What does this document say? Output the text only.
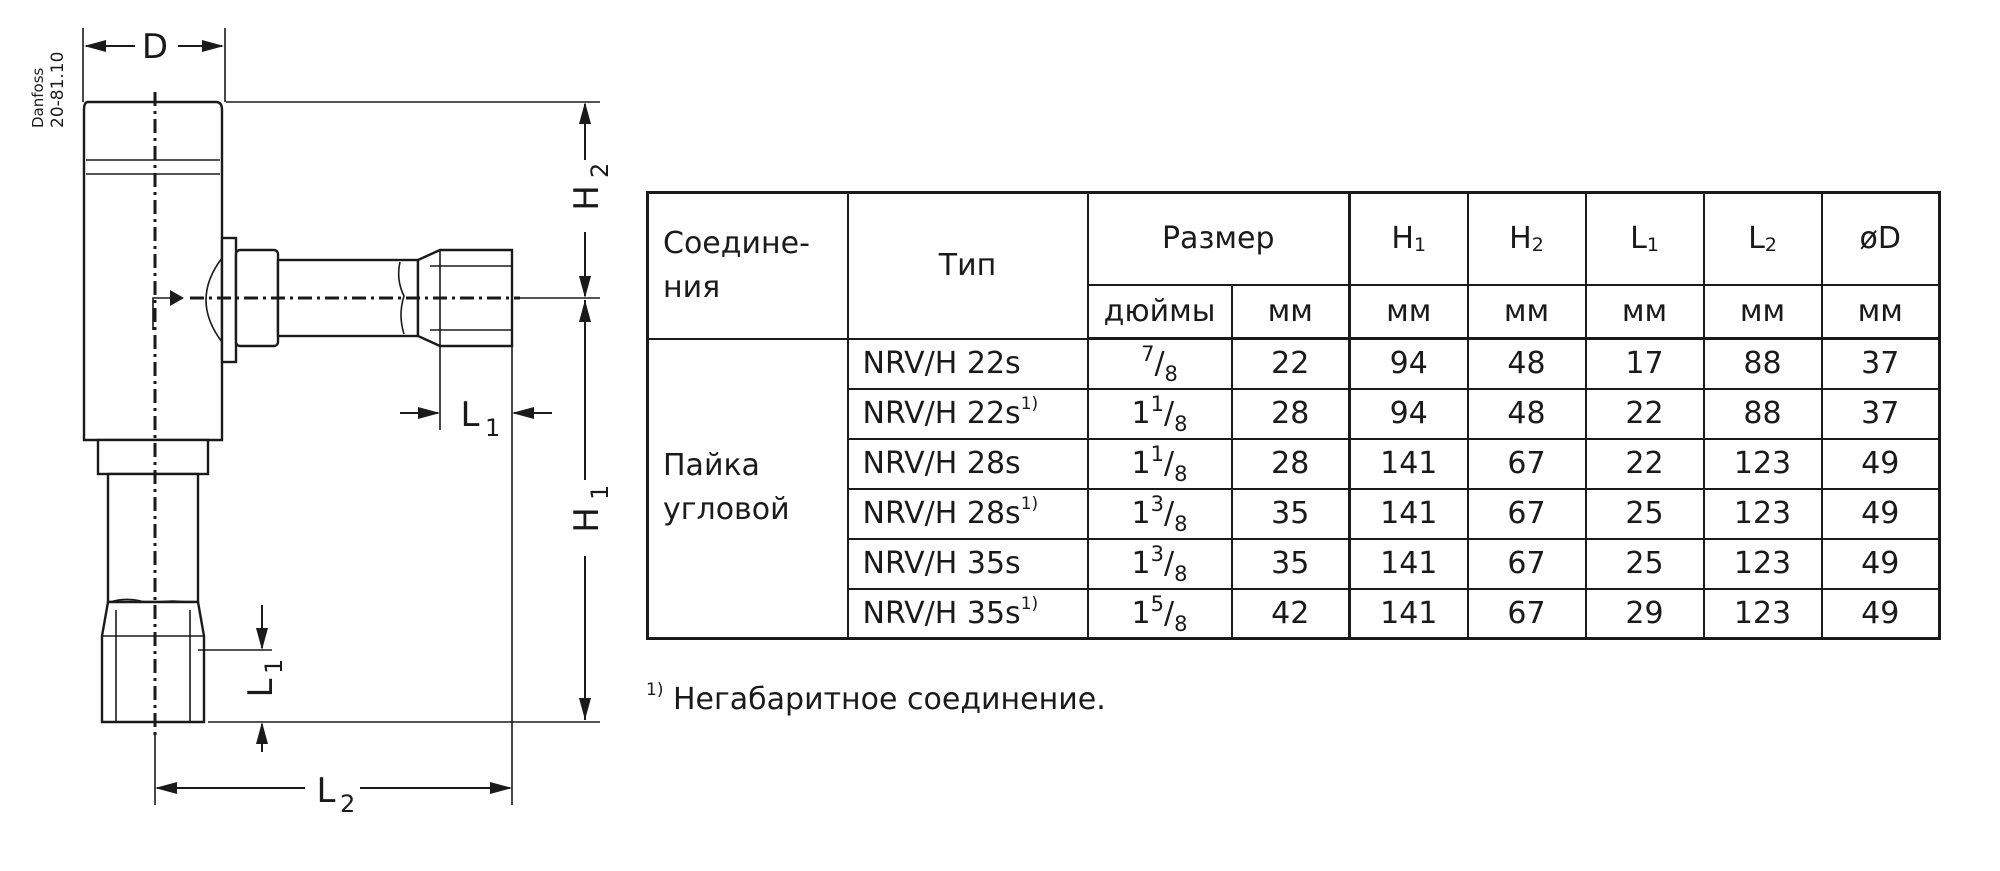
Danfoss 20-81.10
D
H
2
H
1
L 1
L
1
L 2
Соедине-
ния	Тип	Размер		H1	H2	L1	L2	øD
		дюймы	мм	мм	мм	мм	мм	мм
Пайка
угловой	NRV/H 22s	$^7/_8$	22	94	48	17	88	37
	NRV/H $22s^{1)}$	$1^1/_8$	28	94	48	22	88	37
	NRV/H 28s	$1^1/_8$	28	141	67	22	123	49
	NRV/H $28s^{1)}$	$1^3/_8$	35	141	67	25	123	49
	NRV/H 35s	$1^3/_8$	35	141	67	25	123	49
	NRV/H $35s^{1)}$	$1^5/_8$	42	141	67	29	123	49
$^{1)}$ Негабаритное соединение.
